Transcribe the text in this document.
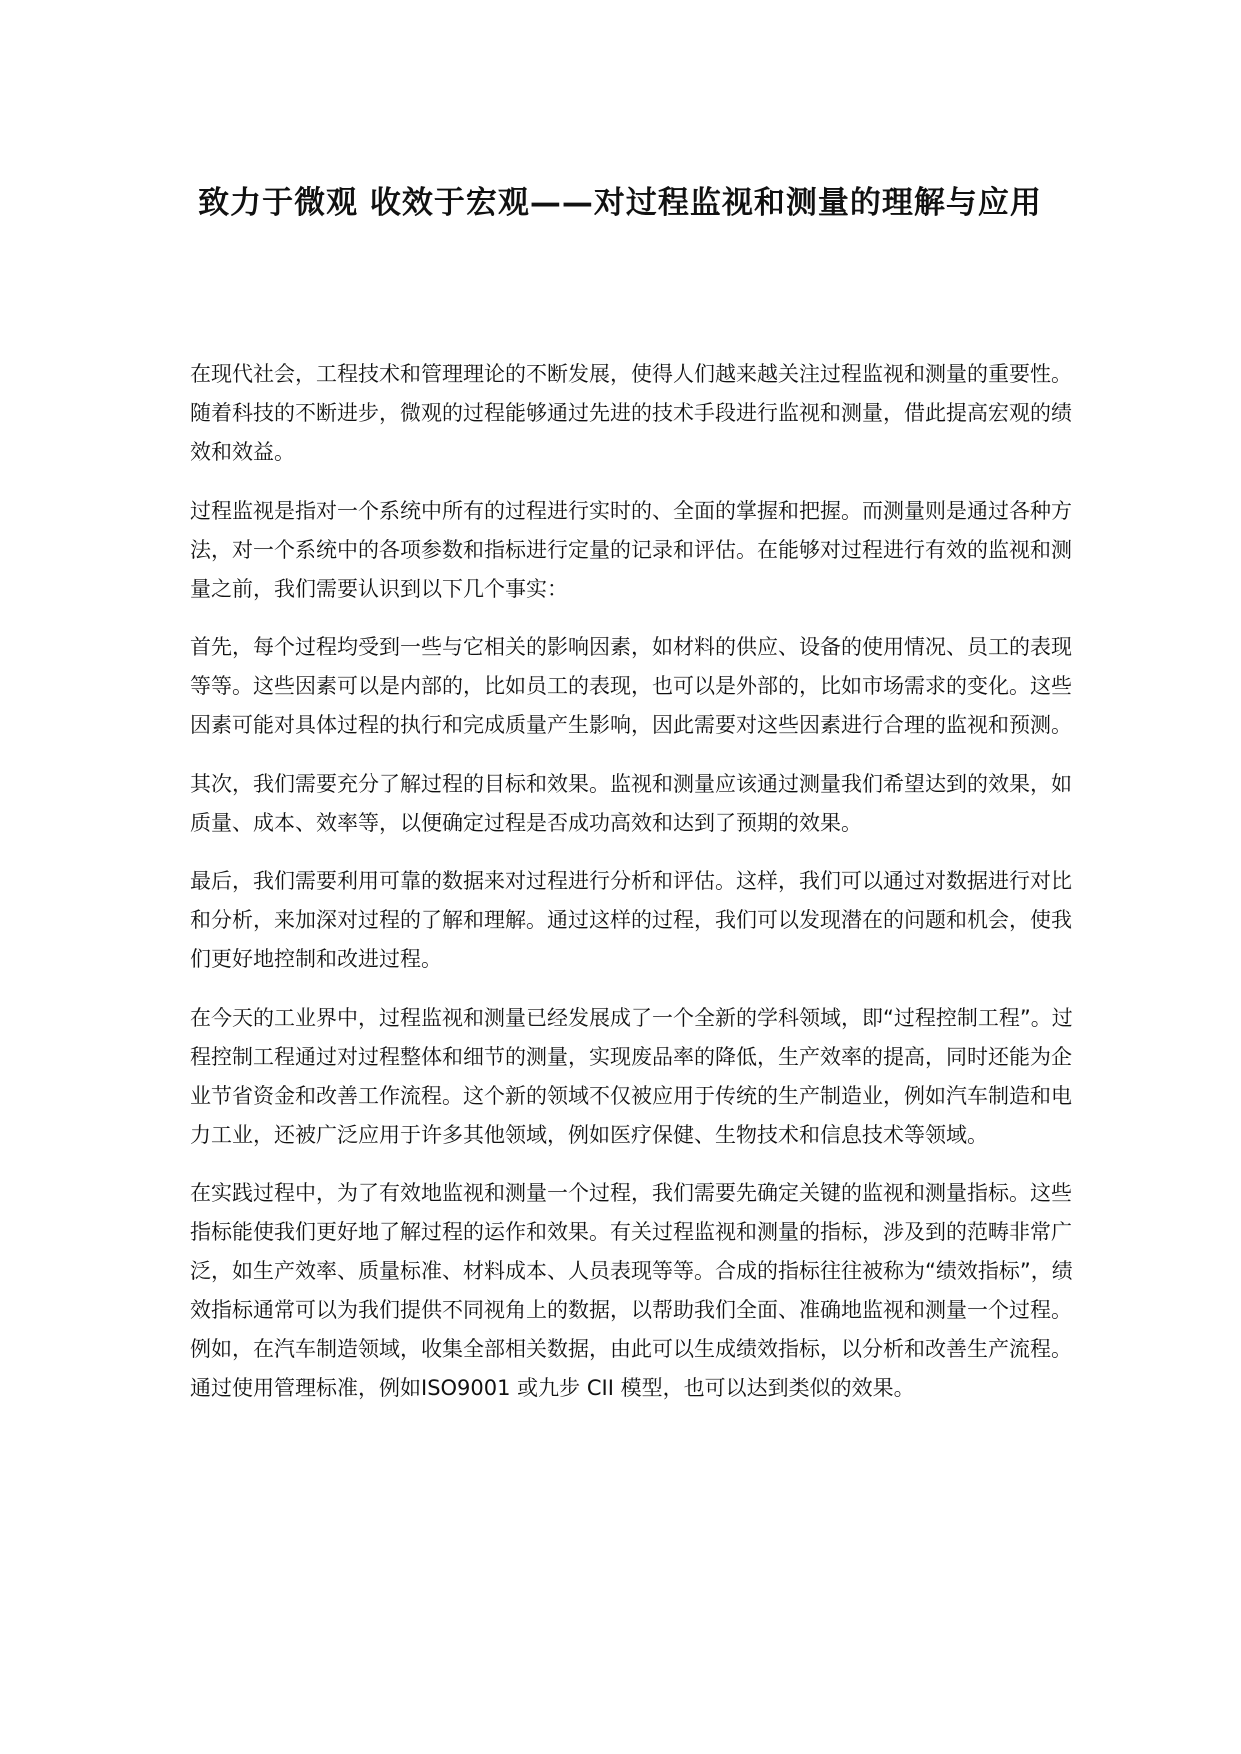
致力于微观 收效于宏观——对过程监视和测量的理解与应用

在现代社会，工程技术和管理理论的不断发展，使得人们越来越关注过程监视和测量的重要性。随着科技的不断进步，微观的过程能够通过先进的技术手段进行监视和测量，借此提高宏观的绩效和效益。

过程监视是指对一个系统中所有的过程进行实时的、全面的掌握和把握。而测量则是通过各种方法，对一个系统中的各项参数和指标进行定量的记录和评估。在能够对过程进行有效的监视和测量之前，我们需要认识到以下几个事实：

首先，每个过程均受到一些与它相关的影响因素，如材料的供应、设备的使用情况、员工的表现等等。这些因素可以是内部的，比如员工的表现，也可以是外部的，比如市场需求的变化。这些因素可能对具体过程的执行和完成质量产生影响，因此需要对这些因素进行合理的监视和预测。

其次，我们需要充分了解过程的目标和效果。监视和测量应该通过测量我们希望达到的效果，如质量、成本、效率等，以便确定过程是否成功高效和达到了预期的效果。

最后，我们需要利用可靠的数据来对过程进行分析和评估。这样，我们可以通过对数据进行对比和分析，来加深对过程的了解和理解。通过这样的过程，我们可以发现潜在的问题和机会，使我们更好地控制和改进过程。

在今天的工业界中，过程监视和测量已经发展成了一个全新的学科领域，即“过程控制工程”。过程控制工程通过对过程整体和细节的测量，实现废品率的降低，生产效率的提高，同时还能为企业节省资金和改善工作流程。这个新的领域不仅被应用于传统的生产制造业，例如汽车制造和电力工业，还被广泛应用于许多其他领域，例如医疗保健、生物技术和信息技术等领域。

在实践过程中，为了有效地监视和测量一个过程，我们需要先确定关键的监视和测量指标。这些指标能使我们更好地了解过程的运作和效果。有关过程监视和测量的指标，涉及到的范畴非常广泛，如生产效率、质量标准、材料成本、人员表现等等。合成的指标往往被称为“绩效指标”，绩效指标通常可以为我们提供不同视角上的数据，以帮助我们全面、准确地监视和测量一个过程。例如，在汽车制造领域，收集全部相关数据，由此可以生成绩效指标，以分析和改善生产流程。通过使用管理标准，例如ISO9001 或九步 CII 模型，也可以达到类似的效果。
